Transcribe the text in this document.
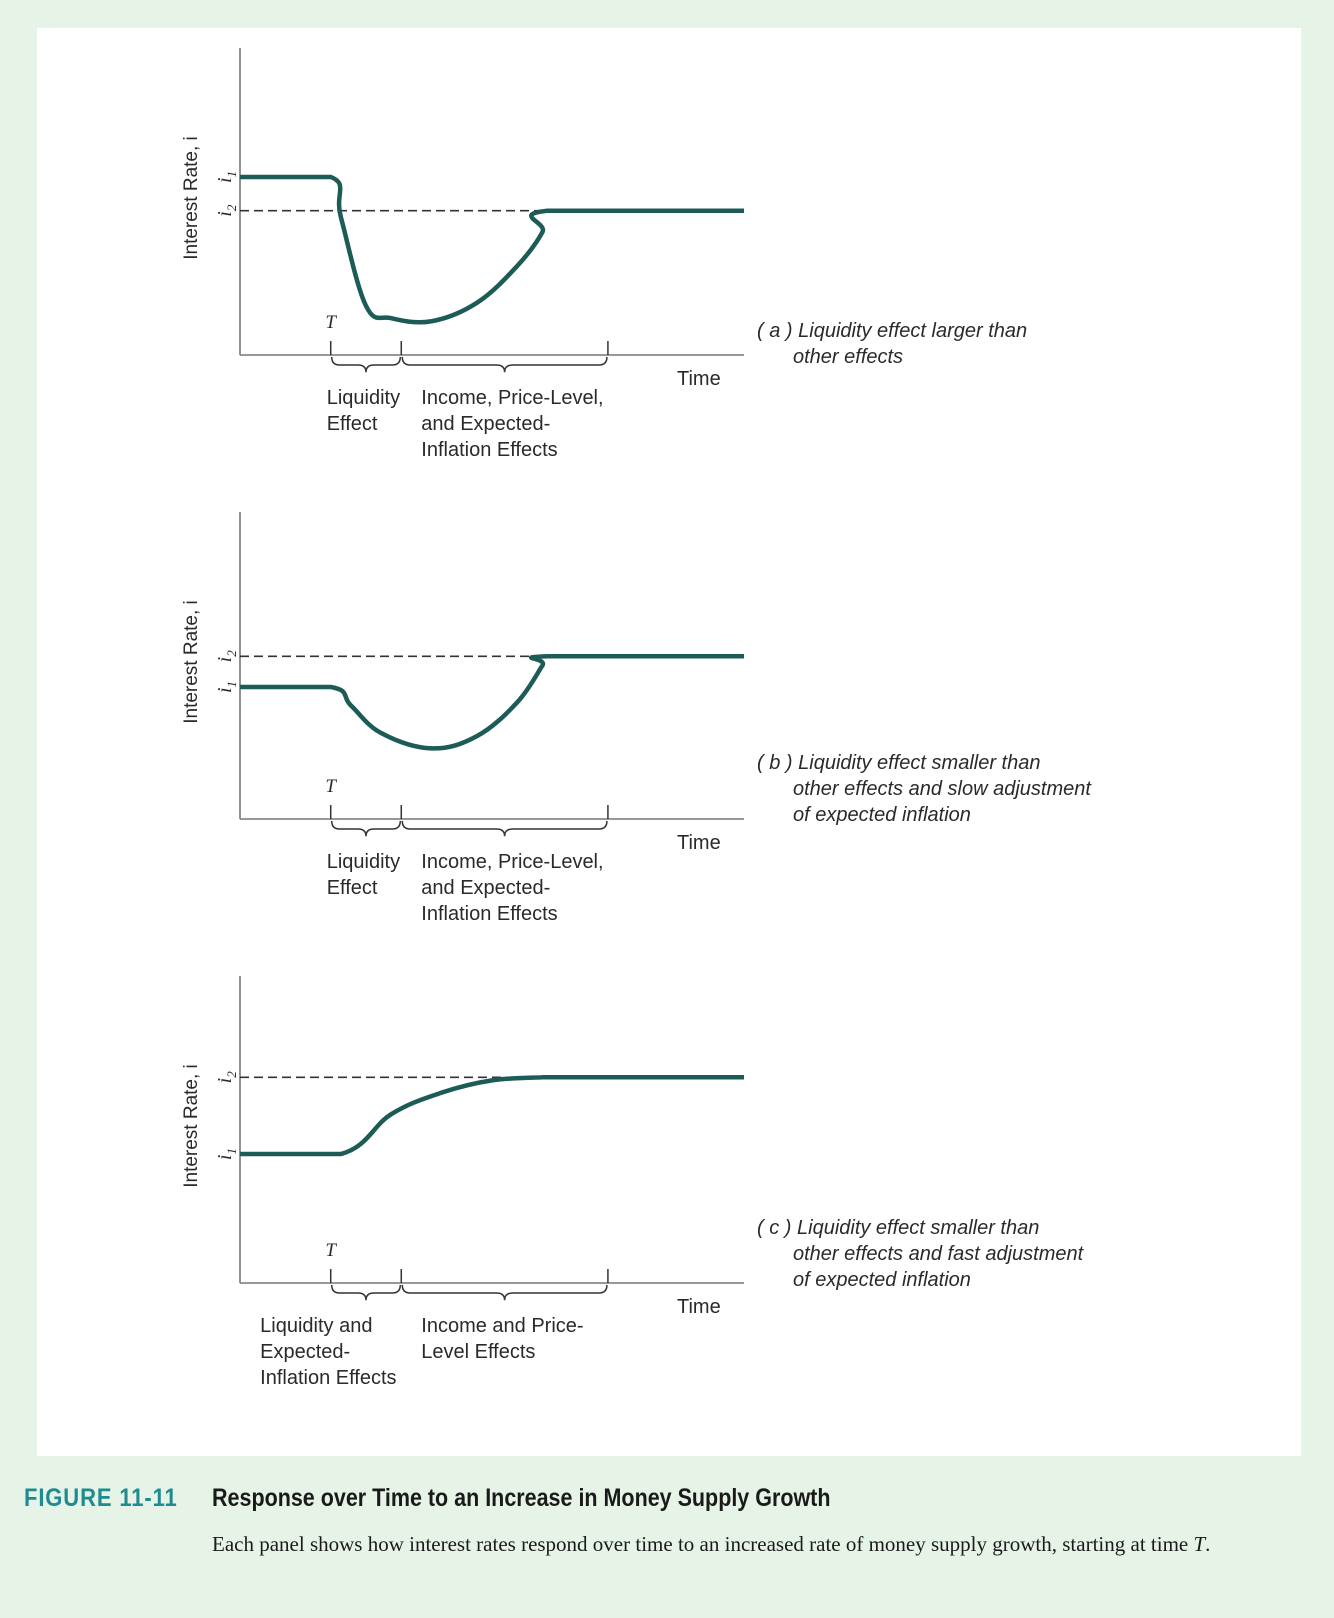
Interest Rate, i $i_1$
$i_2$
T
Liquidity Effect
Income, Price-Level, and Expected-Inflation Effects
Time
( a ) Liquidity effect larger than other effects
Interest Rate, i $i_2$
$i_1$
T
Liquidity Effect
Income, Price-Level, and Expected-Inflation Effects
Time
( b ) Liquidity effect smaller than other effects and slow adjustment of expected inflation
Interest Rate, i $i_2$
$i_1$
T
Liquidity and Expected-Inflation Effects
Income and Price-Level Effects
Time
( c ) Liquidity effect smaller than other effects and fast adjustment of expected inflation
FIGURE 11-11 Response over Time to an Increase in Money Supply Growth
Each panel shows how interest rates respond over time to an increased rate of money supply growth, starting at time T.
